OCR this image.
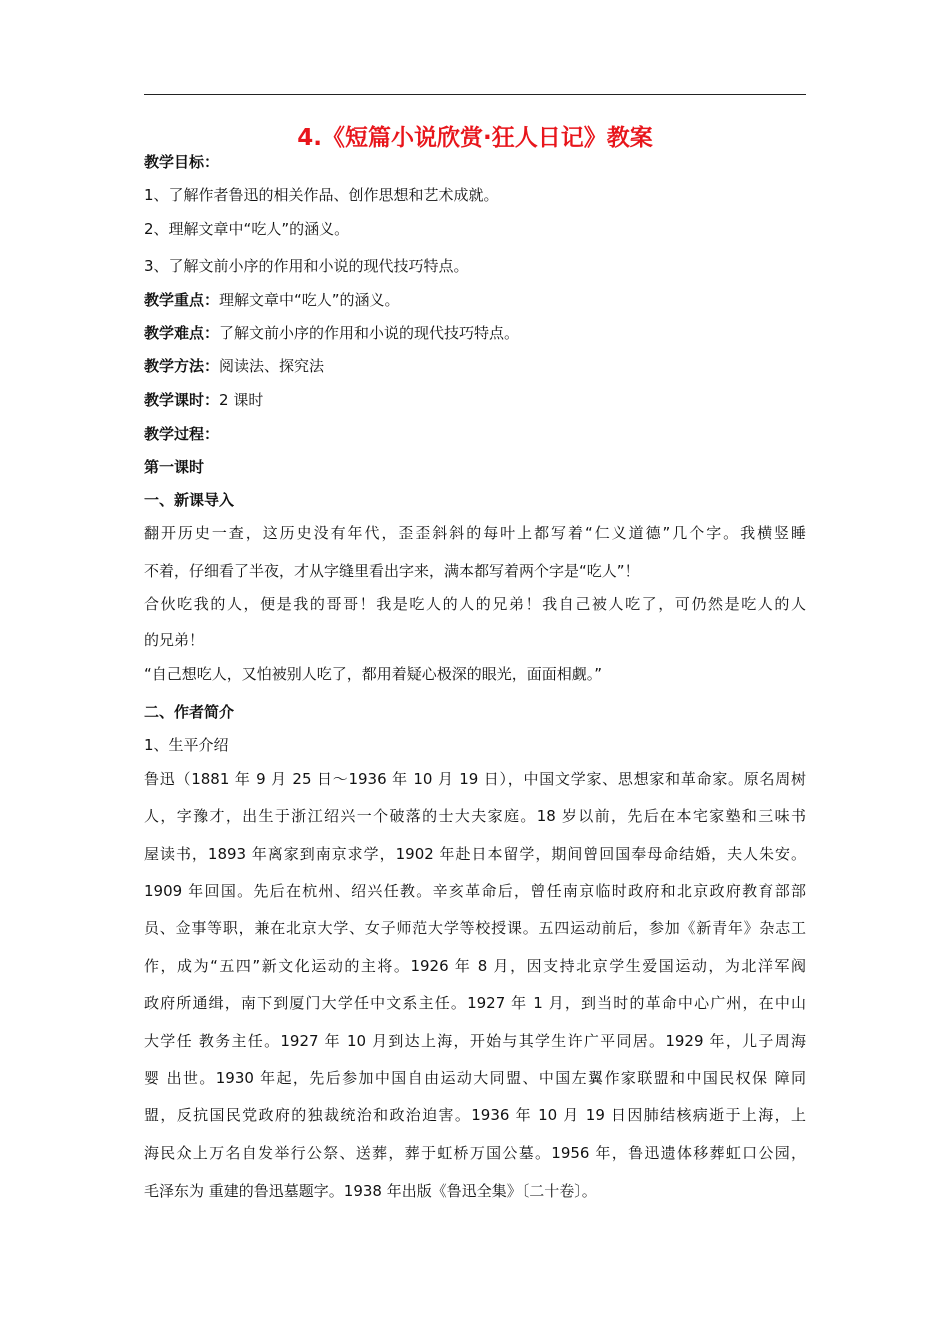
4.《短篇小说欣赏·狂人日记》教案
教学目标：
1、了解作者鲁迅的相关作品、创作思想和艺术成就。
2、理解文章中“吃人”的涵义。
3、了解文前小序的作用和小说的现代技巧特点。
教学重点：理解文章中“吃人”的涵义。
教学难点：了解文前小序的作用和小说的现代技巧特点。
教学方法：阅读法、探究法
教学课时：2 课时
教学过程：
第一课时
一、新课导入
翻开历史一查，这历史没有年代，歪歪斜斜的每叶上都写着“仁义道德”几个字。我横竖睡
不着，仔细看了半夜，才从字缝里看出字来，满本都写着两个字是“吃人”！
合伙吃我的人，便是我的哥哥！我是吃人的人的兄弟！我自己被人吃了，可仍然是吃人的人
的兄弟！
“自己想吃人，又怕被别人吃了，都用着疑心极深的眼光，面面相觑。”
二、作者简介
1、生平介绍
鲁迅（1881 年 9 月 25 日～1936 年 10 月 19 日），中国文学家、思想家和革命家。原名周树
人，字豫才，出生于浙江绍兴一个破落的士大夫家庭。18 岁以前，先后在本宅家塾和三味书
屋读书，1893 年离家到南京求学，1902 年赴日本留学，期间曾回国奉母命结婚，夫人朱安。
1909 年回国。先后在杭州、绍兴任教。辛亥革命后，曾任南京临时政府和北京政府教育部部
员、佥事等职，兼在北京大学、女子师范大学等校授课。五四运动前后，参加《新青年》杂志工
作，成为“五四”新文化运动的主将。1926 年 8 月，因支持北京学生爱国运动，为北洋军阀
政府所通缉，南下到厦门大学任中文系主任。1927 年 1 月，到当时的革命中心广州，在中山
大学任 教务主任。1927 年 10 月到达上海，开始与其学生许广平同居。1929 年，儿子周海
婴 出世。1930 年起，先后参加中国自由运动大同盟、中国左翼作家联盟和中国民权保 障同
盟，反抗国民党政府的独裁统治和政治迫害。1936 年 10 月 19 日因肺结核病逝于上海，上
海民众上万名自发举行公祭、送葬，葬于虹桥万国公墓。1956 年，鲁迅遗体移葬虹口公园，
毛泽东为 重建的鲁迅墓题字。1938 年出版《鲁迅全集》〔二十卷〕。
